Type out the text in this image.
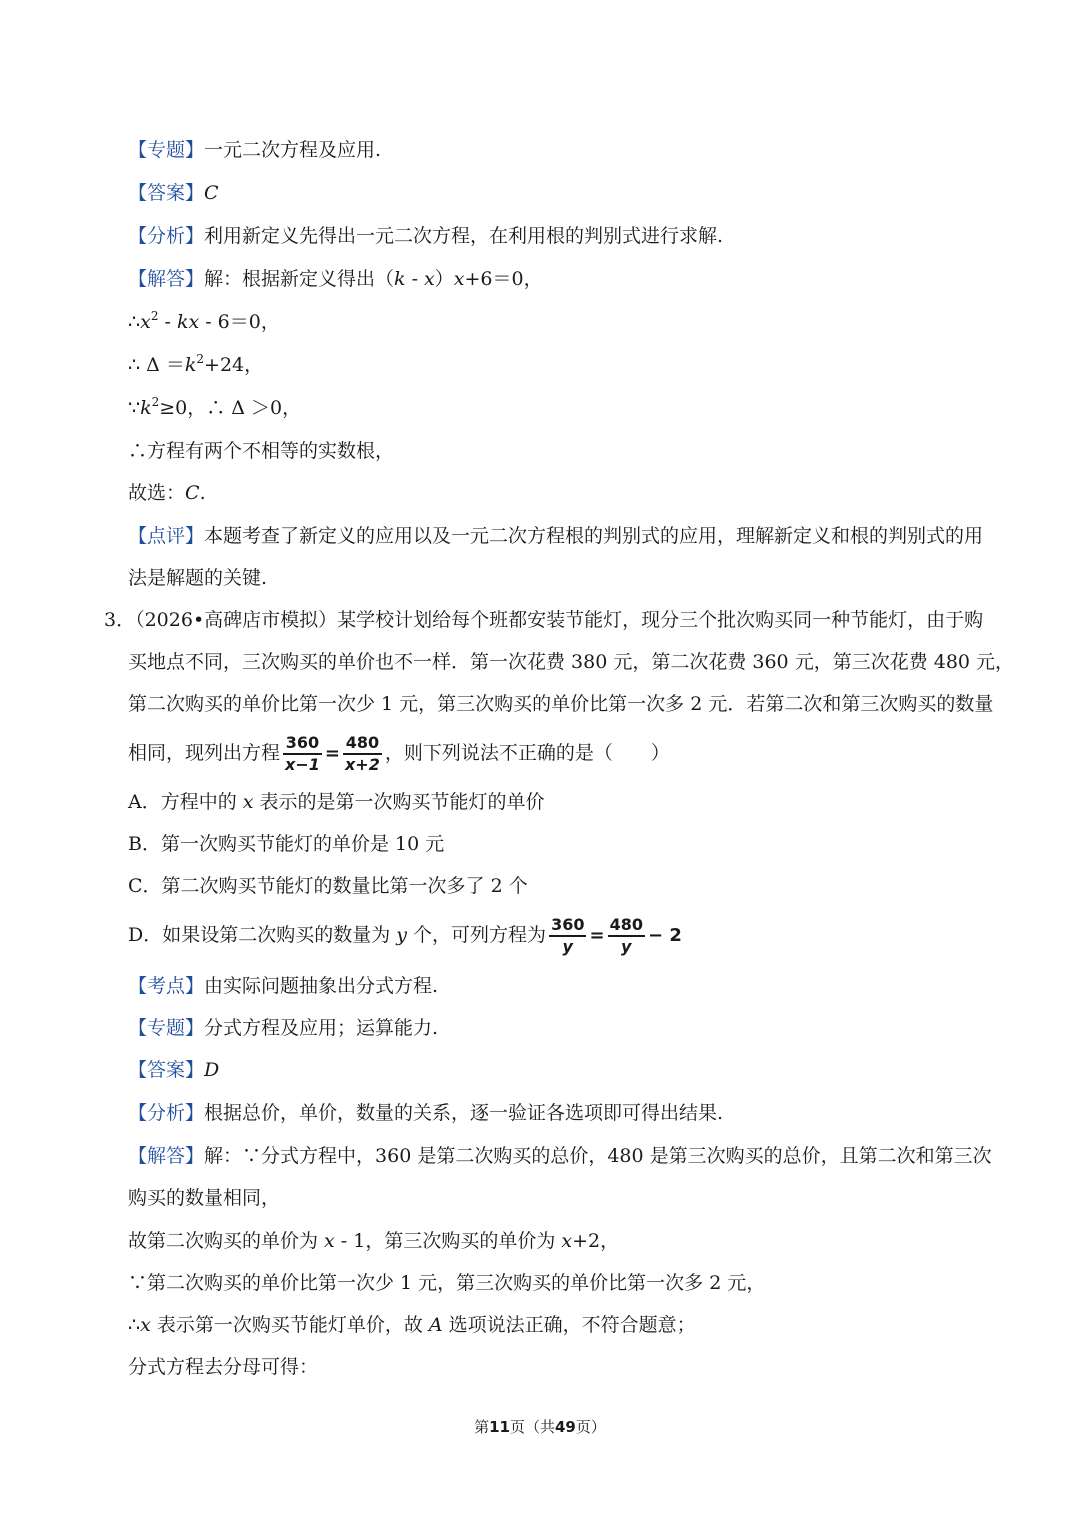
【专题】一元二次方程及应用.
【答案】C
【分析】利用新定义先得出一元二次方程，在利用根的判别式进行求解.
【解答】解：根据新定义得出（k - x）x+6＝0，
$\therefore x^2$ - kx - 6＝0，
∴ $\Delta =k^2+24$，
$\because k^2\ge 0$，∴ Δ ＞0，
∴方程有两个不相等的实数根，
故选：C.
【点评】本题考查了新定义的应用以及一元二次方程根的判别式的应用，理解新定义和根的判别式的用
法是解题的关键.
3．（2026•高碑店市模拟）某学校计划给每个班都安装节能灯，现分三个批次购买同一种节能灯，由于购
买地点不同，三次购买的单价也不一样．第一次花费 380 元，第二次花费 360 元，第三次花费 480 元，
第二次购买的单价比第一次少 1 元，第三次购买的单价比第一次多 2 元．若第二次和第三次购买的数量
相同，现列出方程 $\frac{360}{x-1} = \frac{480}{x+2}$ ，则下列说法不正确的是（　　）
A．方程中的 x 表示的是第一次购买节能灯的单价
B．第一次购买节能灯的单价是 10 元
C．第二次购买节能灯的数量比第一次多了 2 个
D．如果设第二次购买的数量为 y 个，可列方程为 $\frac{360}{y} = \frac{480}{y} - 2$
【考点】由实际问题抽象出分式方程.
【专题】分式方程及应用；运算能力.
【答案】D
【分析】根据总价，单价，数量的关系，逐一验证各选项即可得出结果.
【解答】解：∵分式方程中，360 是第二次购买的总价，480 是第三次购买的总价，且第二次和第三次
购买的数量相同，
故第二次购买的单价为 x - 1，第三次购买的单价为 x+2，
∵第二次购买的单价比第一次少 1 元，第三次购买的单价比第一次多 2 元，
∴x 表示第一次购买节能灯单价，故 A 选项说法正确，不符合题意；
分式方程去分母可得：
第11页（共49页）
